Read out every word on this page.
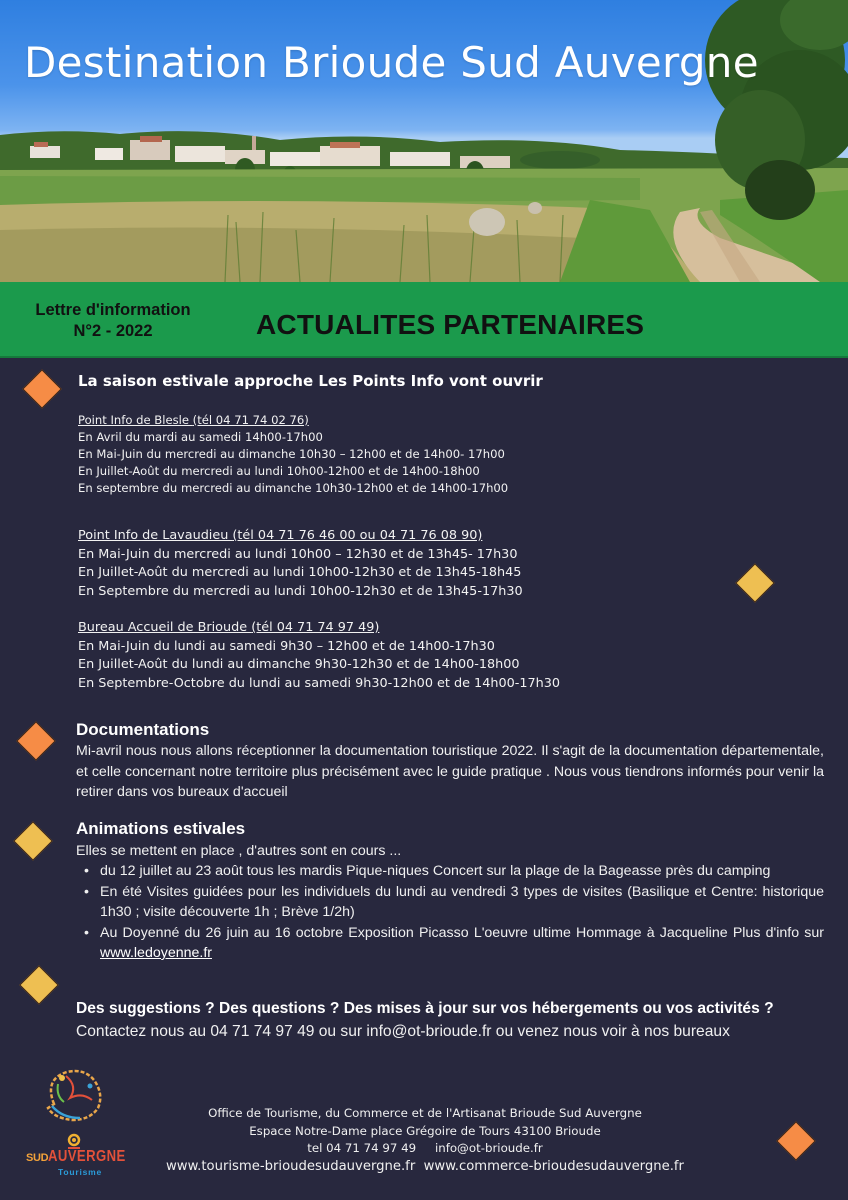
Destination Brioude Sud Auvergne
Lettre d'information
N°2 - 2022	ACTUALITES PARTENAIRES
La saison estivale approche Les Points Info vont ouvrir
Point Info de Blesle (tél 04 71 74 02 76)
En Avril du mardi au samedi 14h00-17h00
En Mai-Juin du mercredi au dimanche 10h30 – 12h00 et de 14h00- 17h00
En Juillet-Août du mercredi au lundi 10h00-12h00 et de 14h00-18h00
En septembre du mercredi au dimanche 10h30-12h00 et de 14h00-17h00
Point Info de Lavaudieu (tél 04 71 76 46 00 ou 04 71 76 08 90)
En Mai-Juin du mercredi au lundi 10h00 – 12h30 et de 13h45- 17h30
En Juillet-Août du mercredi au lundi 10h00-12h30 et de 13h45-18h45
En Septembre du mercredi au lundi 10h00-12h30 et de 13h45-17h30
Bureau Accueil de Brioude (tél 04 71 74 97 49)
En Mai-Juin du lundi au samedi 9h30 – 12h00 et de 14h00-17h30
En Juillet-Août du lundi au dimanche 9h30-12h30 et de 14h00-18h00
En Septembre-Octobre du lundi au samedi 9h30-12h00 et de 14h00-17h30
Documentations
Mi-avril nous nous allons réceptionner la documentation touristique 2022. Il s'agit de la documentation départementale, et celle concernant notre territoire plus précisément avec le guide pratique . Nous vous tiendrons informés pour venir la retirer dans vos bureaux d'accueil
Animations estivales
Elles se mettent en place , d'autres sont en cours ...
• du 12 juillet au 23 août tous les mardis Pique-niques Concert sur la plage de la Bageasse près du camping
• En été Visites guidées pour les individuels du lundi au vendredi 3 types de visites (Basilique et Centre: historique 1h30 ; visite découverte 1h ; Brève 1/2h)
• Au Doyenné du 26 juin au 16 octobre Exposition Picasso L'oeuvre ultime Hommage à Jacqueline Plus d'info sur www.ledoyenne.fr
Des suggestions ? Des questions ? Des mises à jour sur vos hébergements ou vos activités ?
Contactez nous au 04 71 74 97 49 ou sur info@ot-brioude.fr ou venez nous voir à nos bureaux
SUD AUVERGNE
Tourisme
Office de Tourisme, du Commerce et de l'Artisanat Brioude Sud Auvergne
Espace Notre-Dame place Grégoire de Tours 43100 Brioude
tel 04 71 74 97 49 info@ot-brioude.fr
www.tourisme-brioudesudauvergne.fr www.commerce-brioudesudauvergne.fr
